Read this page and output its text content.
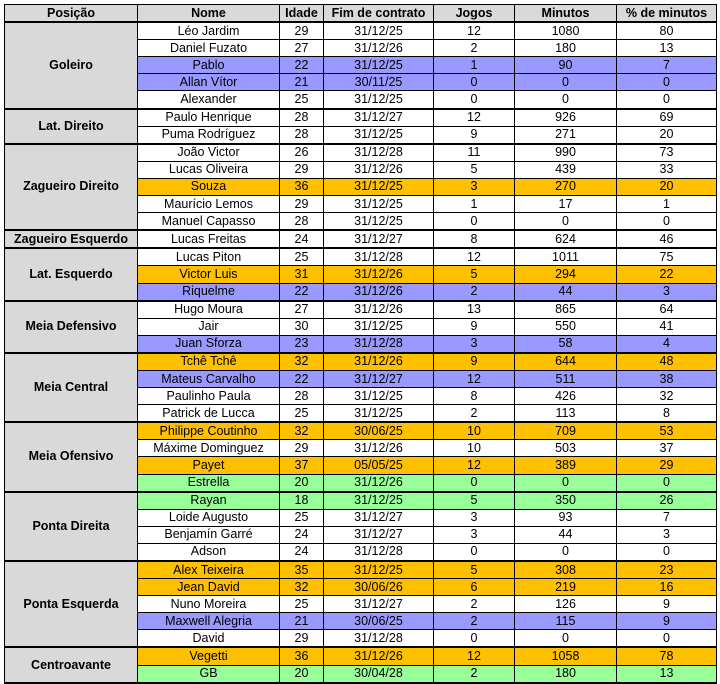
Posição	Nome	Idade	Fim de contrato	Jogos	Minutos	% de minutos
Goleiro	Léo Jardim	29	31/12/25	12	1080	80
	Daniel Fuzato	27	31/12/26	2	180	13
	Pablo	22	31/12/25	1	90	7
	Allan Vítor	21	30/11/25	0	0	0
	Alexander	25	31/12/25	0	0	0
Lat. Direito	Paulo Henrique	28	31/12/27	12	926	69
	Puma Rodríguez	28	31/12/25	9	271	20
Zagueiro Direito	João Victor	26	31/12/28	11	990	73
	Lucas Oliveira	29	31/12/26	5	439	33
	Souza	36	31/12/25	3	270	20
	Maurício Lemos	29	31/12/25	1	17	1
	Manuel Capasso	28	31/12/25	0	0	0
Zagueiro Esquerdo	Lucas Freitas	24	31/12/27	8	624	46
Lat. Esquerdo	Lucas Piton	25	31/12/28	12	1011	75
	Victor Luis	31	31/12/26	5	294	22
	Riquelme	22	31/12/26	2	44	3
Meia Defensivo	Hugo Moura	27	31/12/26	13	865	64
	Jair	30	31/12/25	9	550	41
	Juan Sforza	23	31/12/28	3	58	4
Meia Central	Tchê Tchê	32	31/12/26	9	644	48
	Mateus Carvalho	22	31/12/27	12	511	38
	Paulinho Paula	28	31/12/25	8	426	32
	Patrick de Lucca	25	31/12/25	2	113	8
Meia Ofensivo	Philippe Coutinho	32	30/06/25	10	709	53
	Máxime Dominguez	29	31/12/26	10	503	37
	Payet	37	05/05/25	12	389	29
	Estrella	20	31/12/26	0	0	0
Ponta Direita	Rayan	18	31/12/25	5	350	26
	Loide Augusto	25	31/12/27	3	93	7
	Benjamín Garré	24	31/12/27	3	44	3
	Adson	24	31/12/28	0	0	0
Ponta Esquerda	Alex Teixeira	35	31/12/25	5	308	23
	Jean David	32	30/06/26	6	219	16
	Nuno Moreira	25	31/12/27	2	126	9
	Maxwell Alegria	21	30/06/25	2	115	9
	David	29	31/12/28	0	0	0
Centroavante	Vegetti	36	31/12/26	12	1058	78
	GB	20	30/04/28	2	180	13
